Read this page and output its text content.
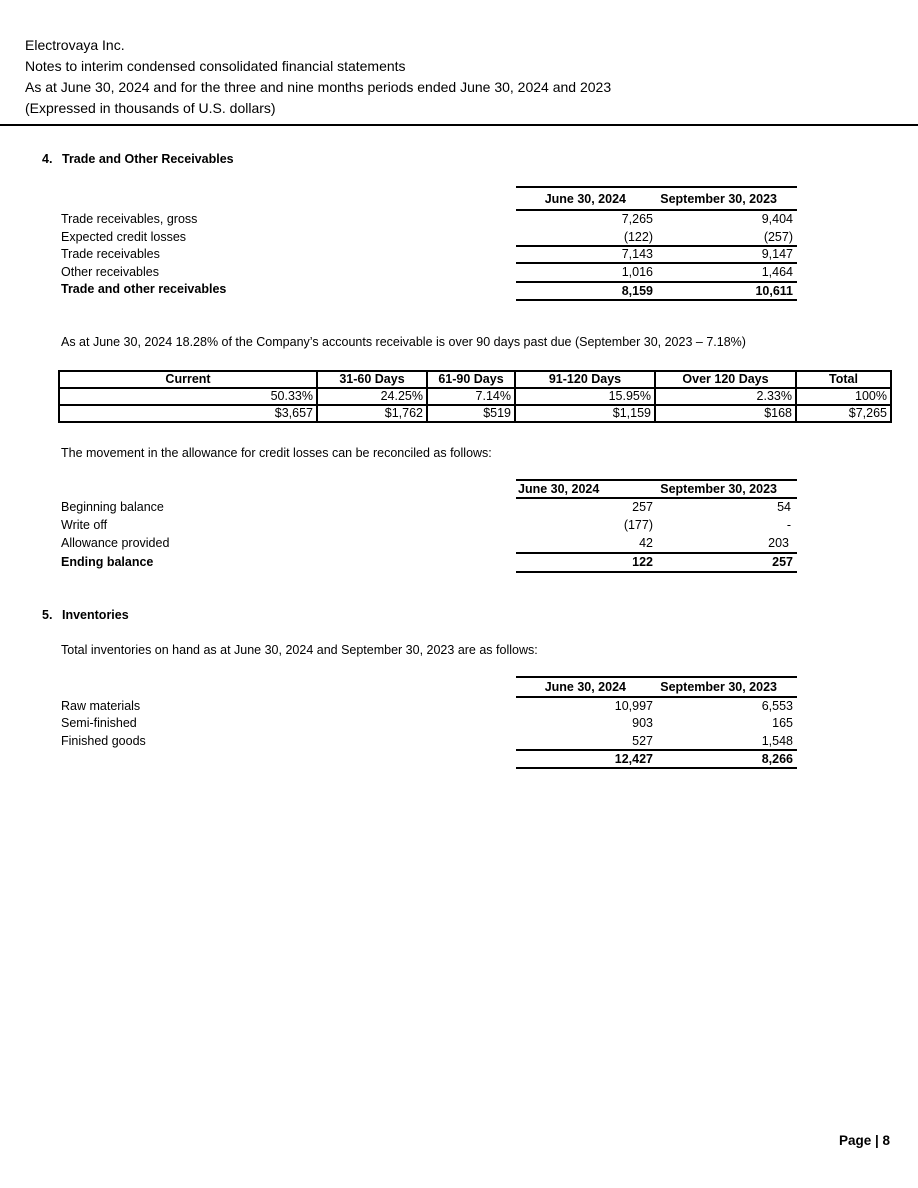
Electrovaya Inc.
Notes to interim condensed consolidated financial statements
As at June 30, 2024 and for the three and nine months periods ended June 30, 2024 and 2023
(Expressed in thousands of U.S. dollars)
4. Trade and Other Receivables
June 30, 2024	September 30, 2023
Trade receivables, gross	7,265	9,404
Expected credit losses	(122)	(257)
Trade receivables	7,143	9,147
Other receivables	1,016	1,464
Trade and other receivables	8,159	10,611
As at June 30, 2024 18.28% of the Company’s accounts receivable is over 90 days past due (September 30, 2023 – 7.18%)
Current	31-60 Days	61-90 Days	91-120 Days	Over 120 Days	Total
50.33%	24.25%	7.14%	15.95%	2.33%	100%
$3,657	$1,762	$519	$1,159	$168	$7,265
The movement in the allowance for credit losses can be reconciled as follows:
June 30, 2024	September 30, 2023
Beginning balance	257	54
Write off	(177)	-
Allowance provided	42	203
Ending balance	122	257
5. Inventories
Total inventories on hand as at June 30, 2024 and September 30, 2023 are as follows:
June 30, 2024	September 30, 2023
Raw materials	10,997	6,553
Semi-finished	903	165
Finished goods	527	1,548
12,427	8,266
Page | 8
